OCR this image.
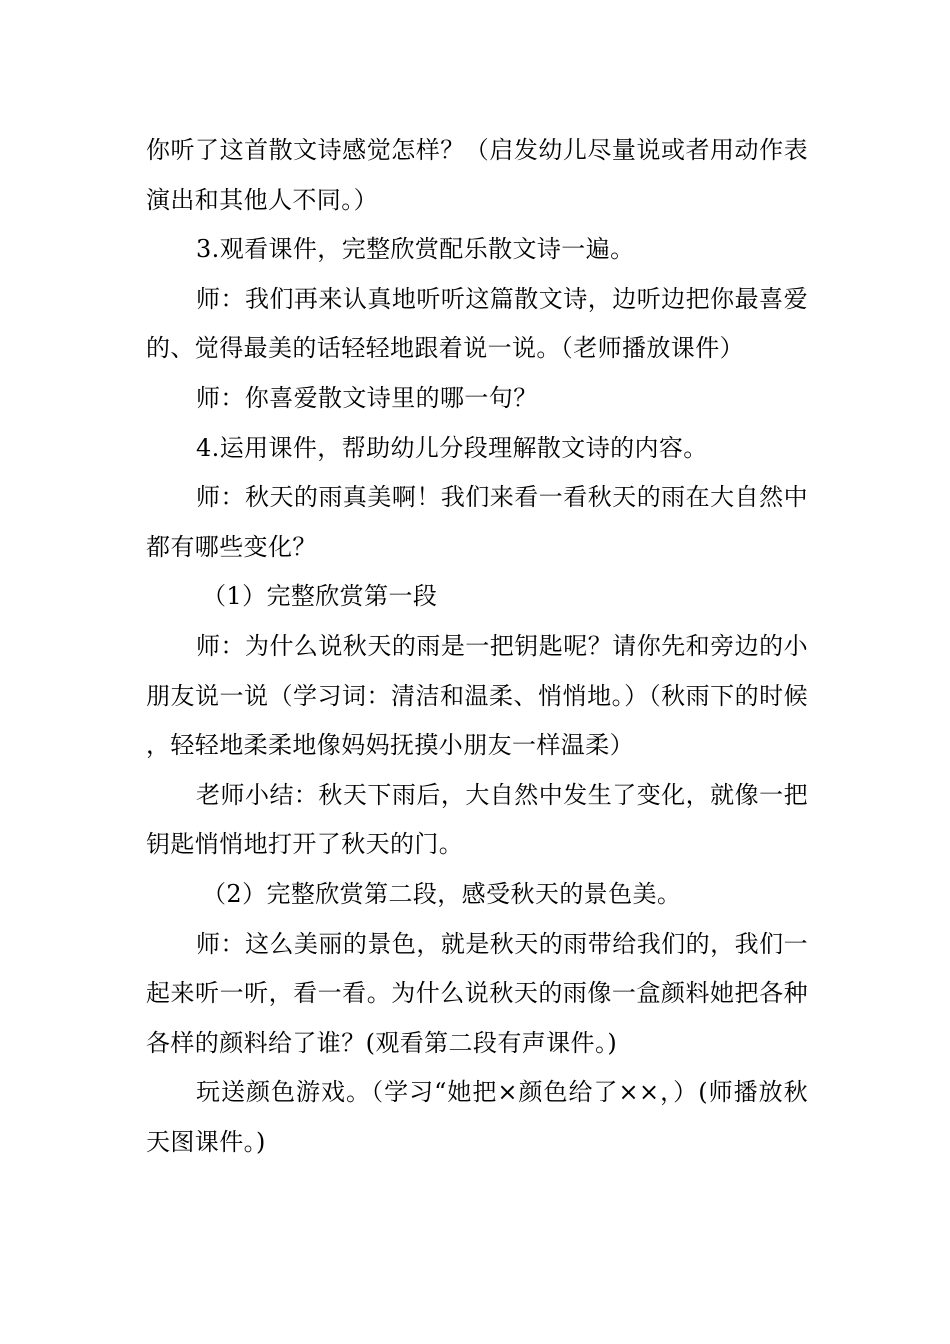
你听了这首散文诗感觉怎样？（启发幼儿尽量说或者用动作表演出和其他人不同。）

3.观看课件，完整欣赏配乐散文诗一遍。

师：我们再来认真地听听这篇散文诗，边听边把你最喜爱的、觉得最美的话轻轻地跟着说一说。（老师播放课件）

师：你喜爱散文诗里的哪一句？

4.运用课件，帮助幼儿分段理解散文诗的内容。

师：秋天的雨真美啊！我们来看一看秋天的雨在大自然中都有哪些变化？

（1）完整欣赏第一段

师：为什么说秋天的雨是一把钥匙呢？请你先和旁边的小朋友说一说（学习词：清洁和温柔、悄悄地。）（秋雨下的时候，轻轻地柔柔地像妈妈抚摸小朋友一样温柔）

老师小结：秋天下雨后，大自然中发生了变化，就像一把钥匙悄悄地打开了秋天的门。

（2）完整欣赏第二段，感受秋天的景色美。

师：这么美丽的景色，就是秋天的雨带给我们的，我们一起来听一听，看一看。为什么说秋天的雨像一盒颜料她把各种各样的颜料给了谁？(观看第二段有声课件。)

玩送颜色游戏。（学习“她把×颜色给了××，）(师播放秋天图课件。)
